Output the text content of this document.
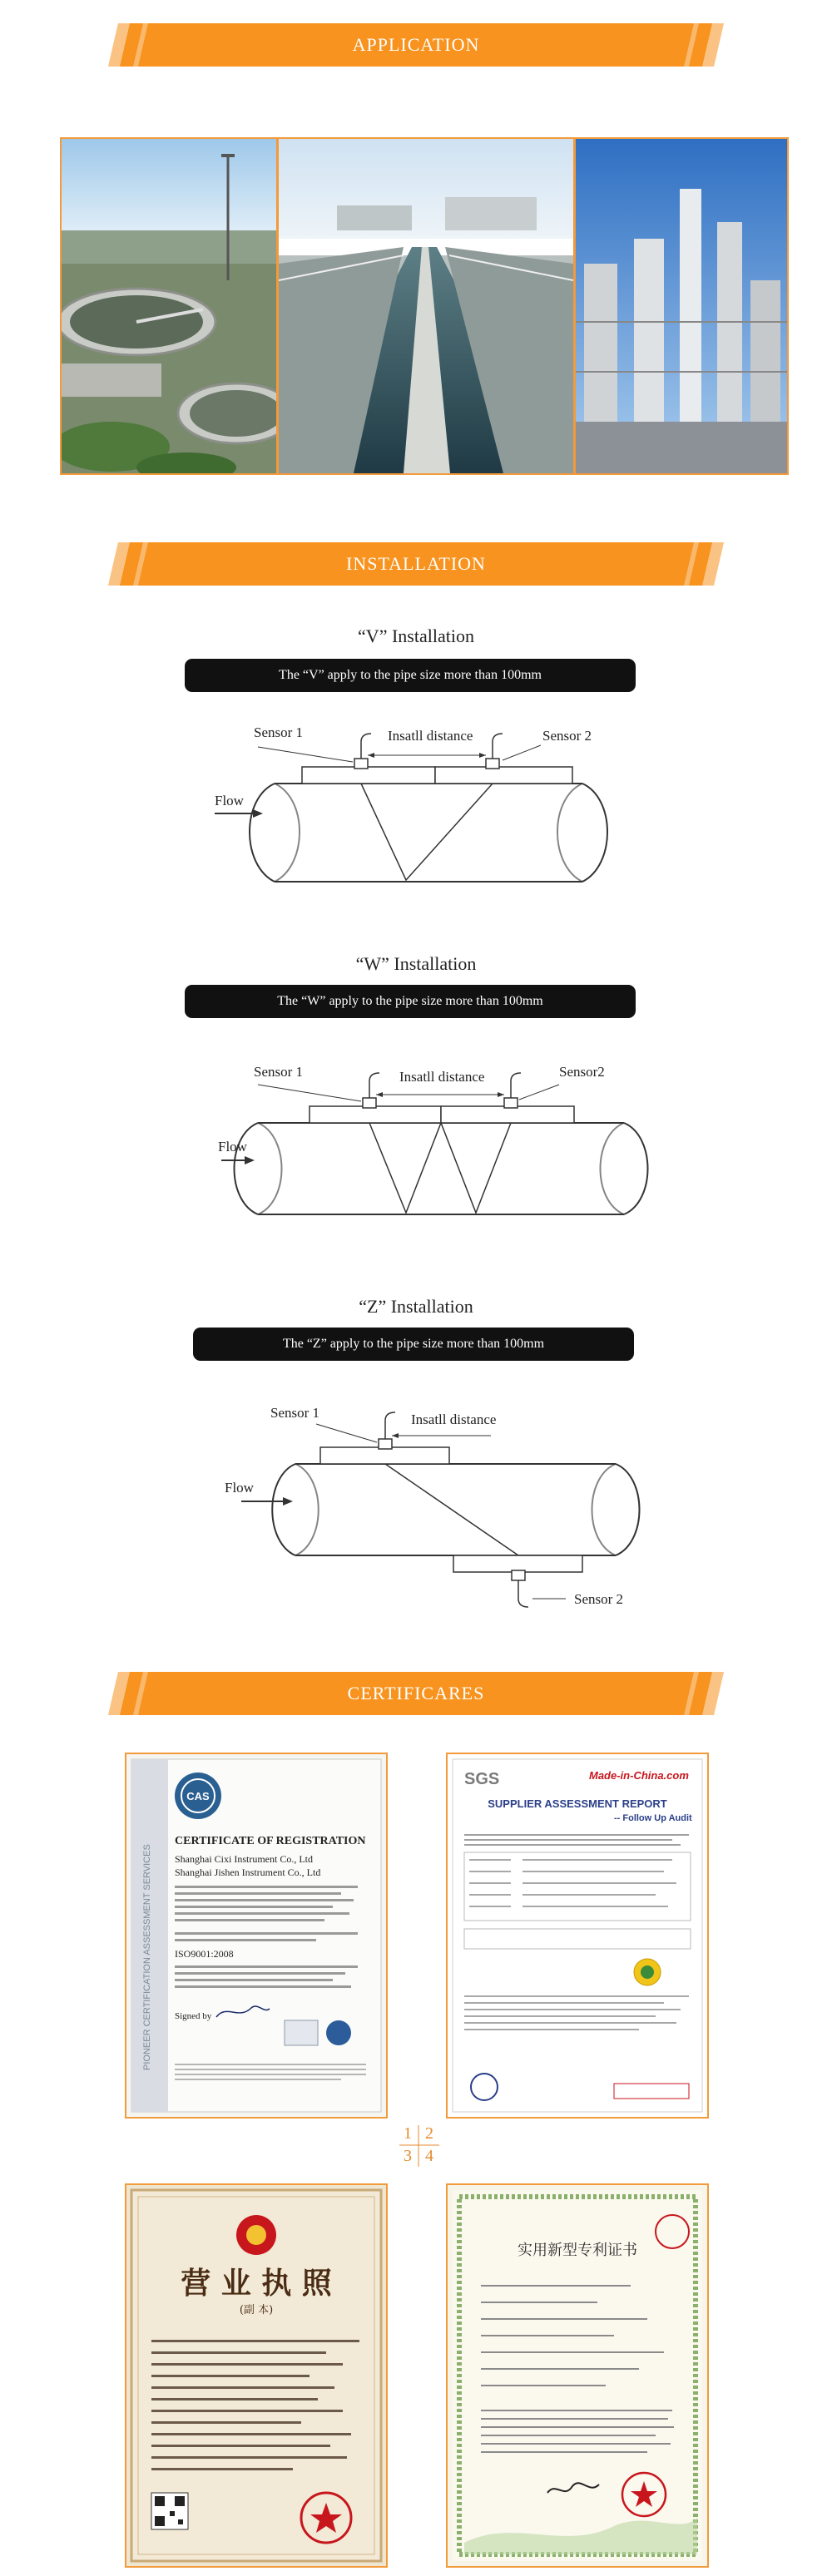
APPLICATION
INSTALLATION
“V” Installation
The “V” apply to the pipe size more than 100mm
Sensor 1	Insatll distance	Sensor 2
Flow
“W” Installation
The “W” apply to the pipe size more than 100mm
Sensor 1	Insatll distance	Sensor2
Flow
“Z” Installation
The “Z” apply to the pipe size more than 100mm
Sensor 1	Insatll distance
Sensor 2
Flow
CERTIFICARES
PIONEER CERTIFICATION ASSESSMENT SERVICES
CAS
CERTIFICATE OF REGISTRATION
Shanghai Cixi Instrument Co., Ltd
Shanghai Jishen Instrument Co., Ltd
ISO9001:2008
Signed by
SGS	Made-in-China.com
SUPPLIER ASSESSMENT REPORT
-- Follow Up Audit
1 2
3 4
营 业 执 照
(副 本)
实用新型专利证书
